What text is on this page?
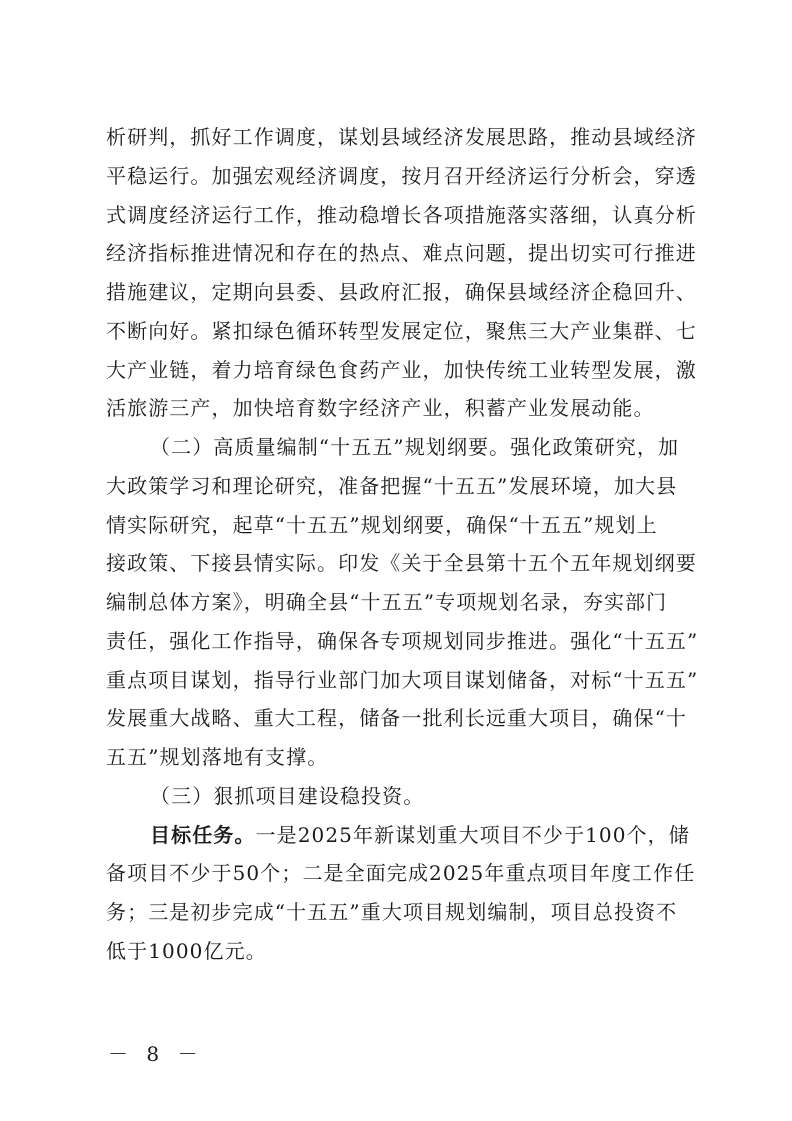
析研判，抓好工作调度，谋划县域经济发展思路，推动县域经济
平稳运行。加强宏观经济调度，按月召开经济运行分析会，穿透
式调度经济运行工作，推动稳增长各项措施落实落细，认真分析
经济指标推进情况和存在的热点、难点问题，提出切实可行推进
措施建议，定期向县委、县政府汇报，确保县域经济企稳回升、
不断向好。紧扣绿色循环转型发展定位，聚焦三大产业集群、七
大产业链，着力培育绿色食药产业，加快传统工业转型发展，激
活旅游三产，加快培育数字经济产业，积蓄产业发展动能。
（二）高质量编制“十五五”规划纲要。强化政策研究，加
大政策学习和理论研究，准备把握“十五五”发展环境，加大县
情实际研究，起草“十五五”规划纲要，确保“十五五”规划上
接政策、下接县情实际。印发《关于全县第十五个五年规划纲要
编制总体方案》，明确全县“十五五”专项规划名录，夯实部门
责任，强化工作指导，确保各专项规划同步推进。强化“十五五”
重点项目谋划，指导行业部门加大项目谋划储备，对标“十五五”
发展重大战略、重大工程，储备一批利长远重大项目，确保“十
五五”规划落地有支撑。
（三）狠抓项目建设稳投资。
目标任务。一是2025年新谋划重大项目不少于100个，储
备项目不少于50个；二是全面完成2025年重点项目年度工作任
务；三是初步完成“十五五”重大项目规划编制，项目总投资不
低于1000亿元。
－ 8 －
